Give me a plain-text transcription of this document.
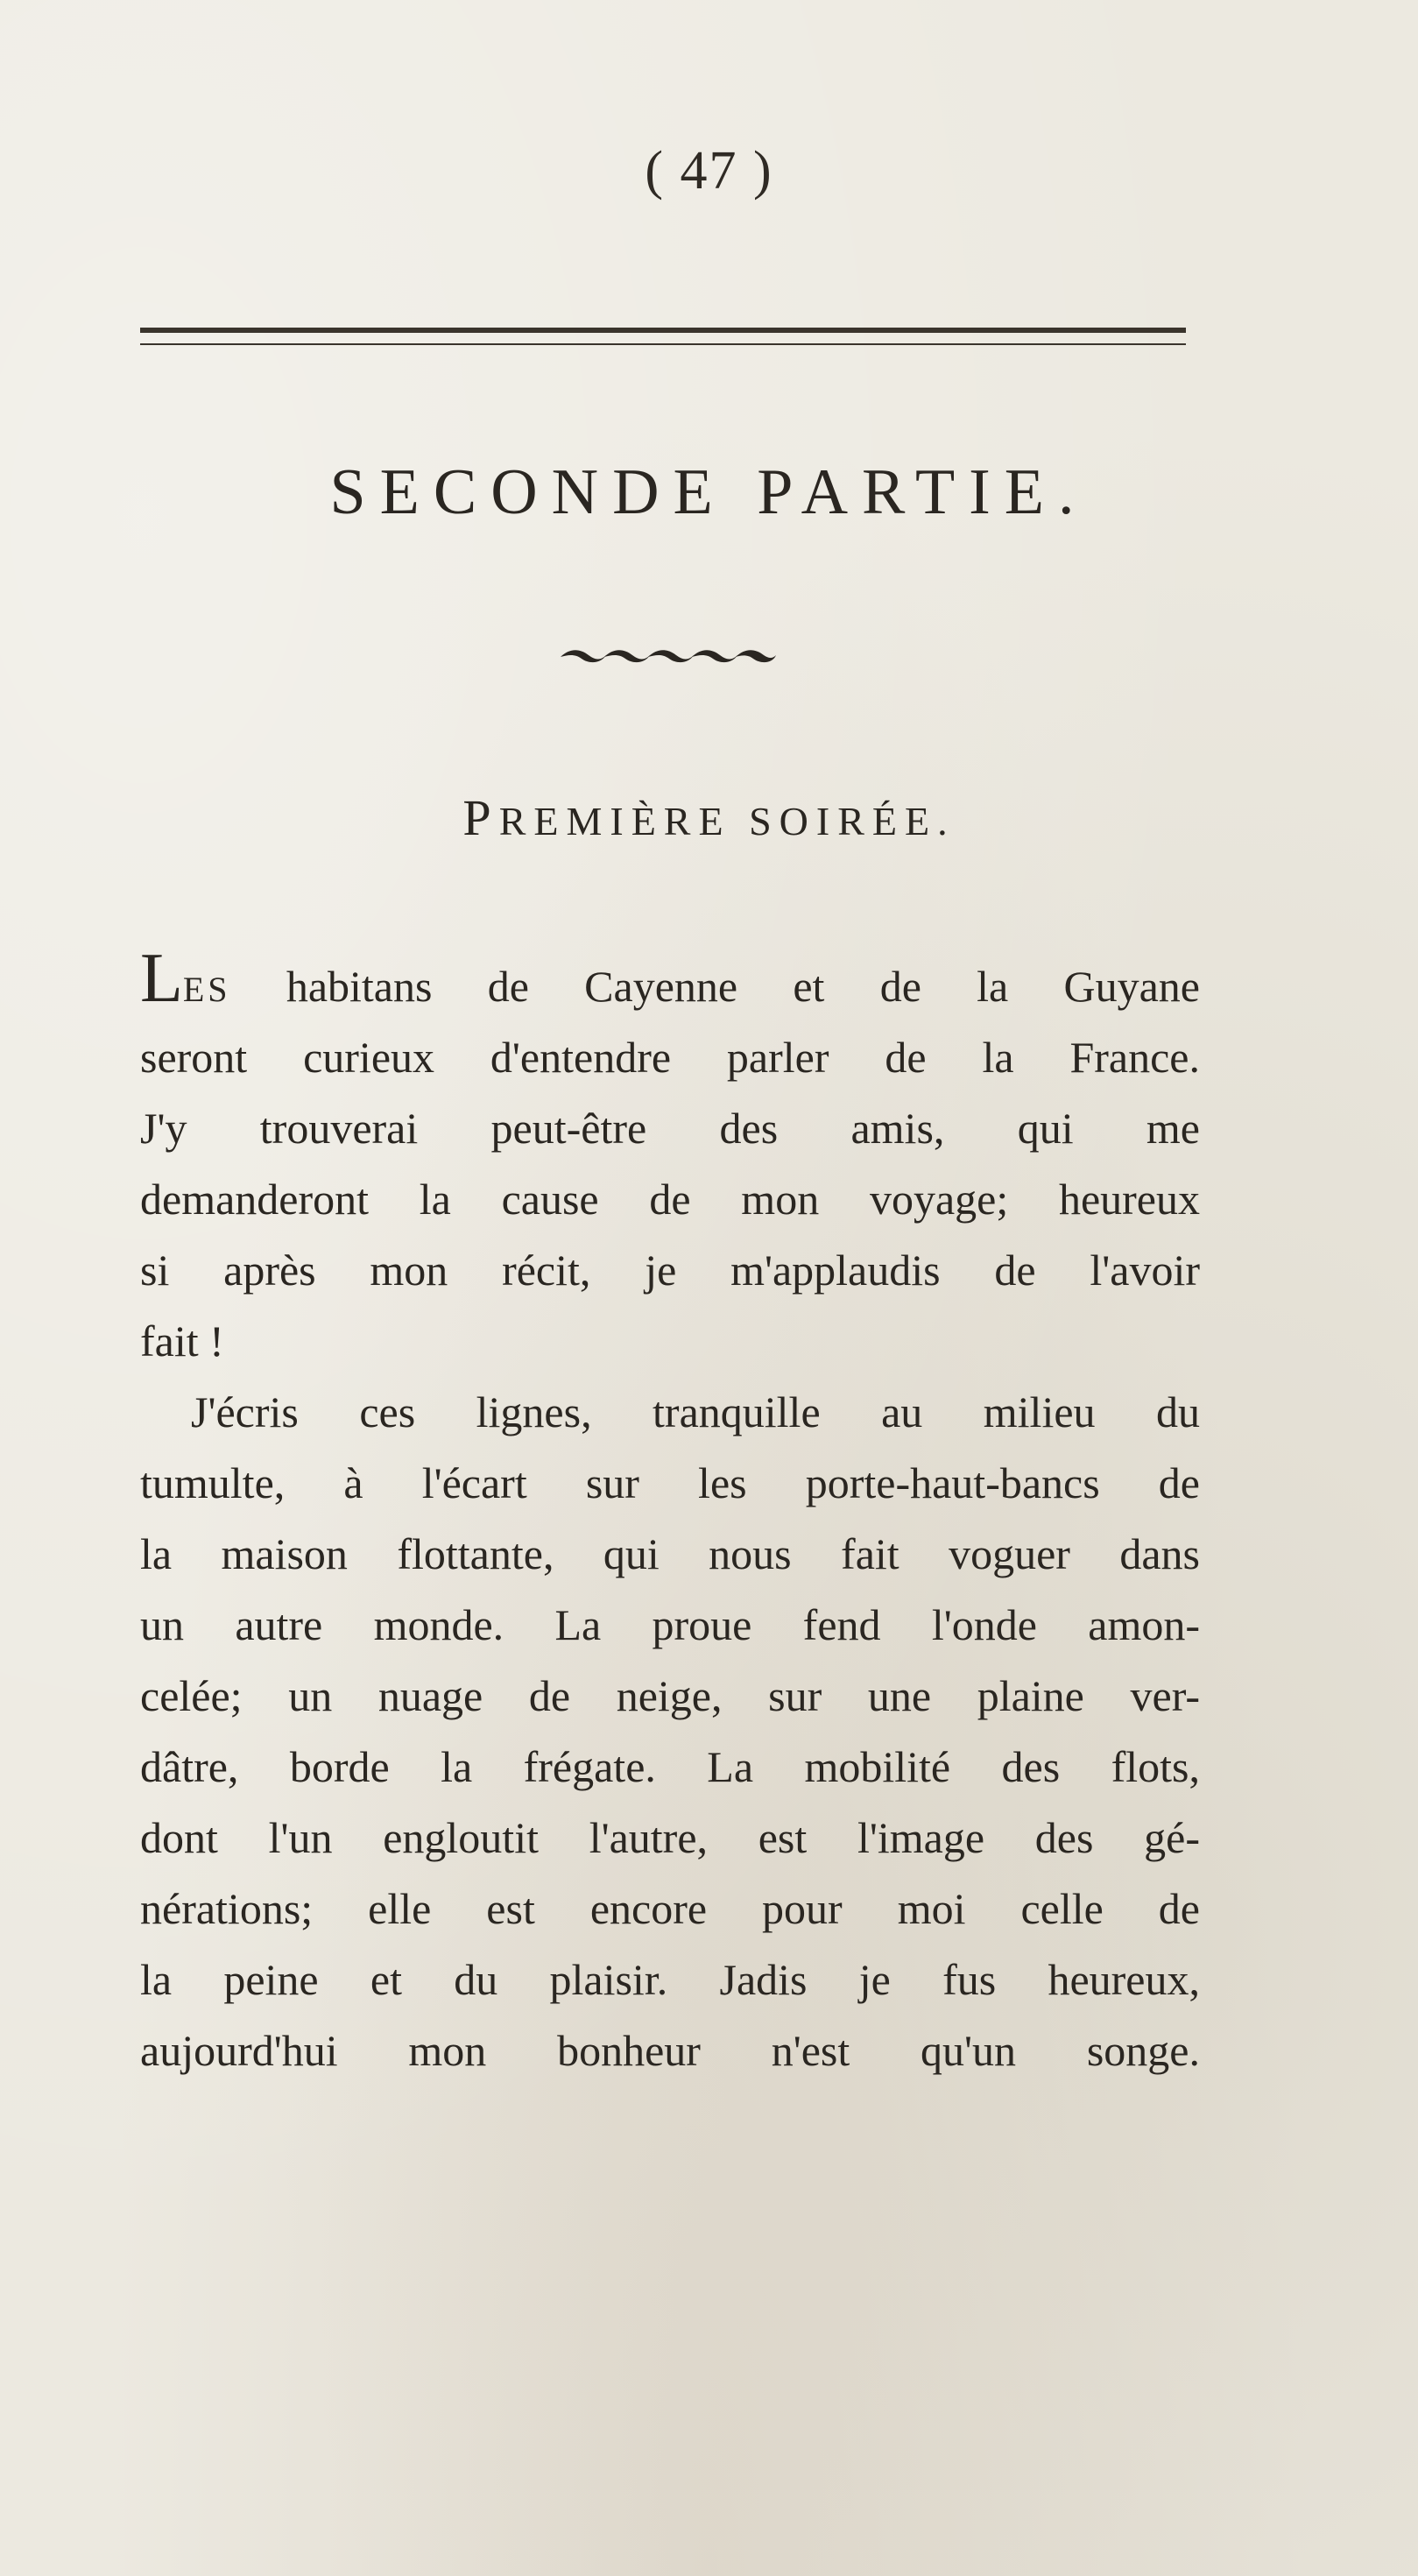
( 47 )
SECONDE PARTIE.
PREMIÈRE SOIRÉE.
LES habitans de Cayenne et de la Guyane
seront curieux d'entendre parler de la France.
J'y trouverai peut-être des amis, qui me
demanderont la cause de mon voyage; heureux
si après mon récit, je m'applaudis de l'avoir
fait !
J'écris ces lignes, tranquille au milieu du
tumulte, à l'écart sur les porte-haut-bancs de
la maison flottante, qui nous fait voguer dans
un autre monde. La proue fend l'onde amon-
celée; un nuage de neige, sur une plaine ver-
dâtre, borde la frégate. La mobilité des flots,
dont l'un engloutit l'autre, est l'image des gé-
nérations; elle est encore pour moi celle de
la peine et du plaisir. Jadis je fus heureux,
aujourd'hui mon bonheur n'est qu'un songe.
